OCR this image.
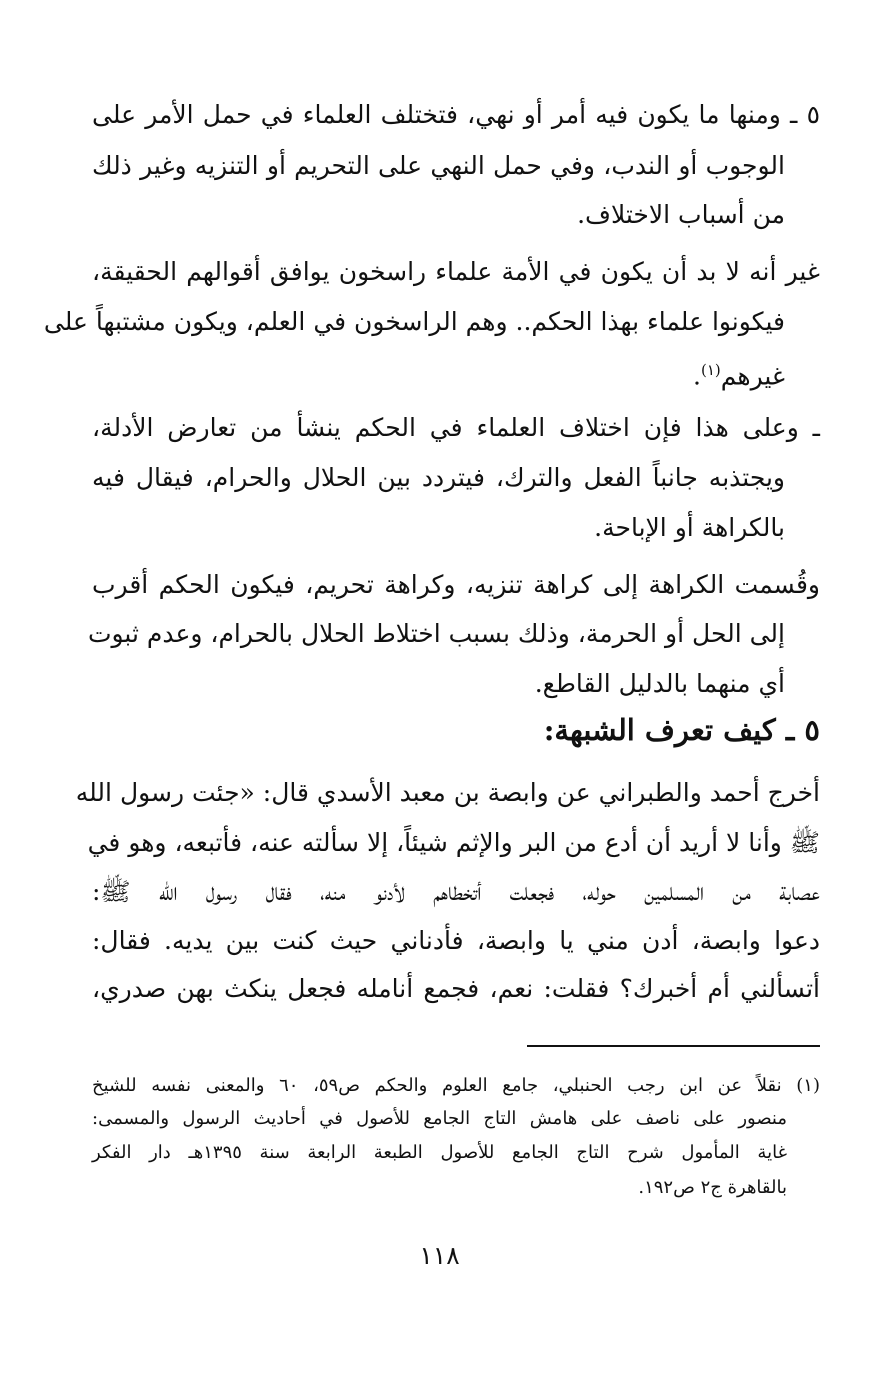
٥ ـ ومنها ما يكون فيه أمر أو نهي، فتختلف العلماء في حمل الأمر على

الوجوب أو الندب، وفي حمل النهي على التحريم أو التنزيه وغير ذلك

من أسباب الاختلاف.

غير أنه لا بد أن يكون في الأمة علماء راسخون يوافق أقوالهم الحقيقة،

فيكونوا علماء بهذا الحكم.. وهم الراسخون في العلم، ويكون مشتبهاً على

غيرهم$^{(١)}$.

ـ وعلى هذا فإن اختلاف العلماء في الحكم ينشأ من تعارض الأدلة،

ويجتذبه جانباً الفعل والترك، فيتردد بين الحلال والحرام، فيقال فيه

بالكراهة أو الإباحة.

وقُسمت الكراهة إلى كراهة تنزيه، وكراهة تحريم، فيكون الحكم أقرب

إلى الحل أو الحرمة، وذلك بسبب اختلاط الحلال بالحرام، وعدم ثبوت

أي منهما بالدليل القاطع.

٥ ـ كيف تعرف الشبهة:

أخرج أحمد والطبراني عن وابصة بن معبد الأسدي قال: «جئت رسول الله

ﷺ وأنا لا أريد أن أدع من البر والإثم شيئاً، إلا سألته عنه، فأتبعه، وهو في

عصابة من المسلمين حوله، فجعلت أتخطاهم لأدنو منه، فقال رسول الله ﷺ:

دعوا وابصة، أدن مني يا وابصة، فأدناني حيث كنت بين يديه. فقال:

أتسألني أم أخبرك؟ فقلت: نعم، فجمع أنامله فجعل ينكث بهن صدري،

(١) نقلاً عن ابن رجب الحنبلي، جامع العلوم والحكم ص٥٩، ٦٠ والمعنى نفسه للشيخ

منصور على ناصف على هامش التاج الجامع للأصول في أحاديث الرسول والمسمى:

غاية المأمول شرح التاج الجامع للأصول الطبعة الرابعة سنة ١٣٩٥هـ دار الفكر

بالقاهرة ج٢ ص١٩٢.

١١٨
